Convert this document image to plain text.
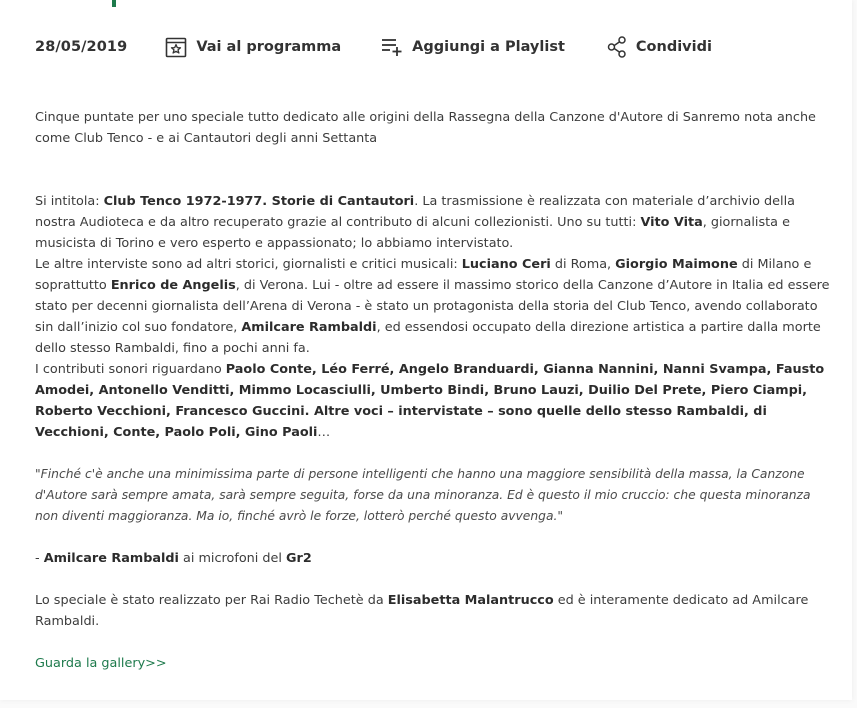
28/05/2019	Vai al programma	Aggiungi a Playlist	Condividi

Cinque puntate per uno speciale tutto dedicato alle origini della Rassegna della Canzone d'Autore di Sanremo nota anche come Club Tenco - e ai Cantautori degli anni Settanta

Si intitola: Club Tenco 1972-1977. Storie di Cantautori. La trasmissione è realizzata con materiale d’archivio della nostra Audioteca e da altro recuperato grazie al contributo di alcuni collezionisti. Uno su tutti: Vito Vita, giornalista e musicista di Torino e vero esperto e appassionato; lo abbiamo intervistato.

Le altre interviste sono ad altri storici, giornalisti e critici musicali: Luciano Ceri di Roma, Giorgio Maimone di Milano e soprattutto Enrico de Angelis, di Verona. Lui - oltre ad essere il massimo storico della Canzone d’Autore in Italia ed essere stato per decenni giornalista dell’Arena di Verona - è stato un protagonista della storia del Club Tenco, avendo collaborato sin dall’inizio col suo fondatore, Amilcare Rambaldi, ed essendosi occupato della direzione artistica a partire dalla morte dello stesso Rambaldi, fino a pochi anni fa.

I contributi sonori riguardano Paolo Conte, Léo Ferré, Angelo Branduardi, Gianna Nannini, Nanni Svampa, Fausto Amodei, Antonello Venditti, Mimmo Locasciulli, Umberto Bindi, Bruno Lauzi, Duilio Del Prete, Piero Ciampi, Roberto Vecchioni, Francesco Guccini. Altre voci – intervistate – sono quelle dello stesso Rambaldi, di Vecchioni, Conte, Paolo Poli, Gino Paoli…

"Finché c'è anche una minimissima parte di persone intelligenti che hanno una maggiore sensibilità della massa, la Canzone d'Autore sarà sempre amata, sarà sempre seguita, forse da una minoranza. Ed è questo il mio cruccio: che questa minoranza non diventi maggioranza. Ma io, finché avrò le forze, lotterò perché questo avvenga."

- Amilcare Rambaldi ai microfoni del Gr2

Lo speciale è stato realizzato per Rai Radio Techetè da Elisabetta Malantrucco ed è interamente dedicato ad Amilcare Rambaldi.

Guarda la gallery>>
